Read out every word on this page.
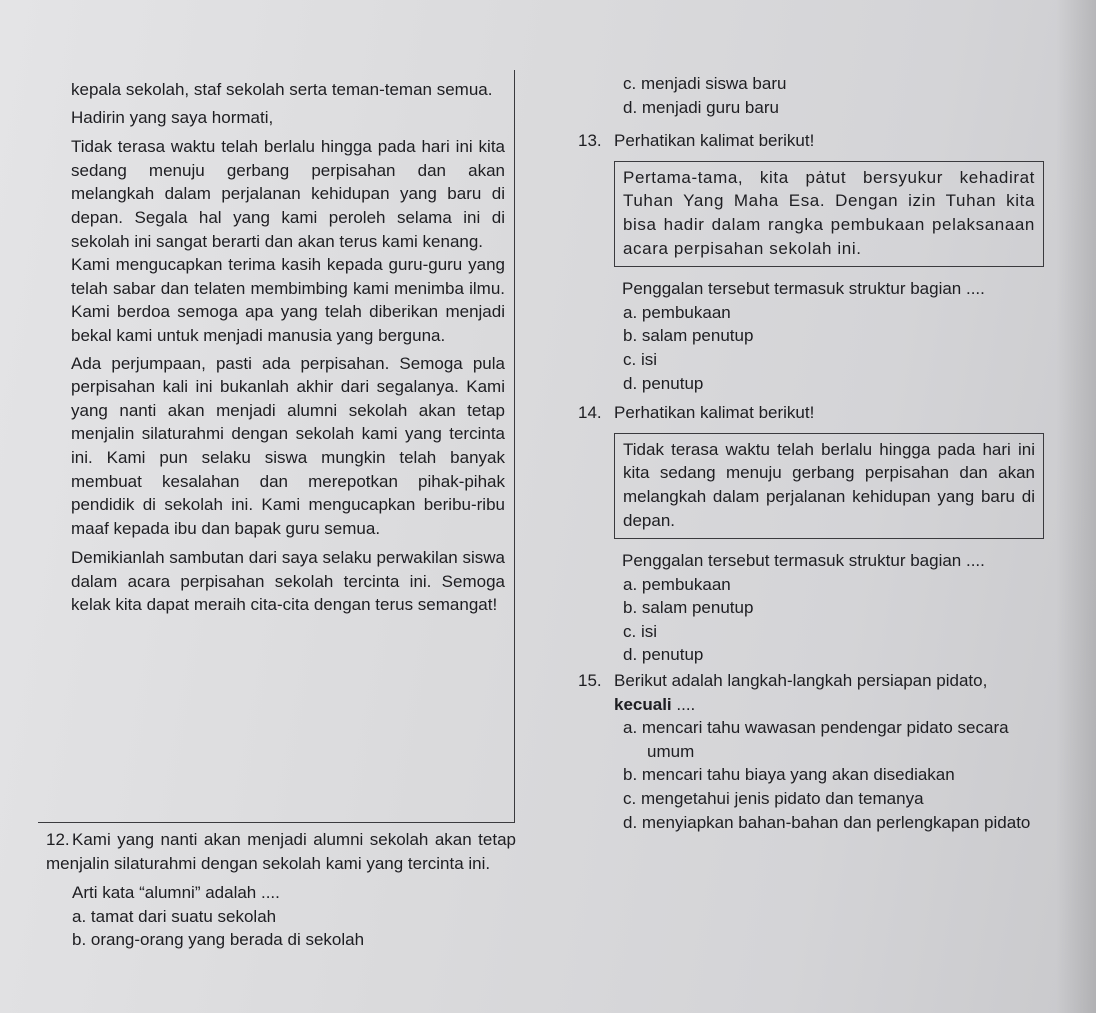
kepala sekolah, staf sekolah serta teman-teman semua.

Hadirin yang saya hormati,

Tidak terasa waktu telah berlalu hingga pada hari ini kita sedang menuju gerbang perpisahan dan akan melangkah dalam perjalanan kehidupan yang baru di depan. Segala hal yang kami peroleh selama ini di sekolah ini sangat berarti dan akan terus kami kenang.

Kami mengucapkan terima kasih kepada guru-guru yang telah sabar dan telaten membimbing kami menimba ilmu. Kami berdoa semoga apa yang telah diberikan menjadi bekal kami untuk menjadi manusia yang berguna.

Ada perjumpaan, pasti ada perpisahan. Semoga pula perpisahan kali ini bukanlah akhir dari segalanya. Kami yang nanti akan menjadi alumni sekolah akan tetap menjalin silaturahmi dengan sekolah kami yang tercinta ini. Kami pun selaku siswa mungkin telah banyak membuat kesalahan dan merepotkan pihak-pihak pendidik di sekolah ini. Kami mengucapkan beribu-ribu maaf kepada ibu dan bapak guru semua.

Demikianlah sambutan dari saya selaku perwakilan siswa dalam acara perpisahan sekolah tercinta ini. Semoga kelak kita dapat meraih cita-cita dengan terus semangat!

12. Kami yang nanti akan menjadi alumni sekolah akan tetap menjalin silaturahmi dengan sekolah kami yang tercinta ini.

Arti kata “alumni” adalah ....

a. tamat dari suatu sekolah

b. orang-orang yang berada di sekolah

c. menjadi siswa baru

d. menjadi guru baru

13. Perhatikan kalimat berikut!

Pertama-tama, kita pȧtut bersyukur kehadirat Tuhan Yang Maha Esa. Dengan izin Tuhan kita bisa hadir dalam rangka pembukaan pelaksanaan acara perpisahan sekolah ini.

Penggalan tersebut termasuk struktur bagian ....

a. pembukaan

b. salam penutup

c. isi

d. penutup

14. Perhatikan kalimat berikut!

Tidak terasa waktu telah berlalu hingga pada hari ini kita sedang menuju gerbang perpisahan dan akan melangkah dalam perjalanan kehidupan yang baru di depan.

Penggalan tersebut termasuk struktur bagian ....

a. pembukaan

b. salam penutup

c. isi

d. penutup

15. Berikut adalah langkah-langkah persiapan pidato, kecuali ....

a. mencari tahu wawasan pendengar pidato secara umum

b. mencari tahu biaya yang akan disediakan

c. mengetahui jenis pidato dan temanya

d. menyiapkan bahan-bahan dan perlengkapan pidato
